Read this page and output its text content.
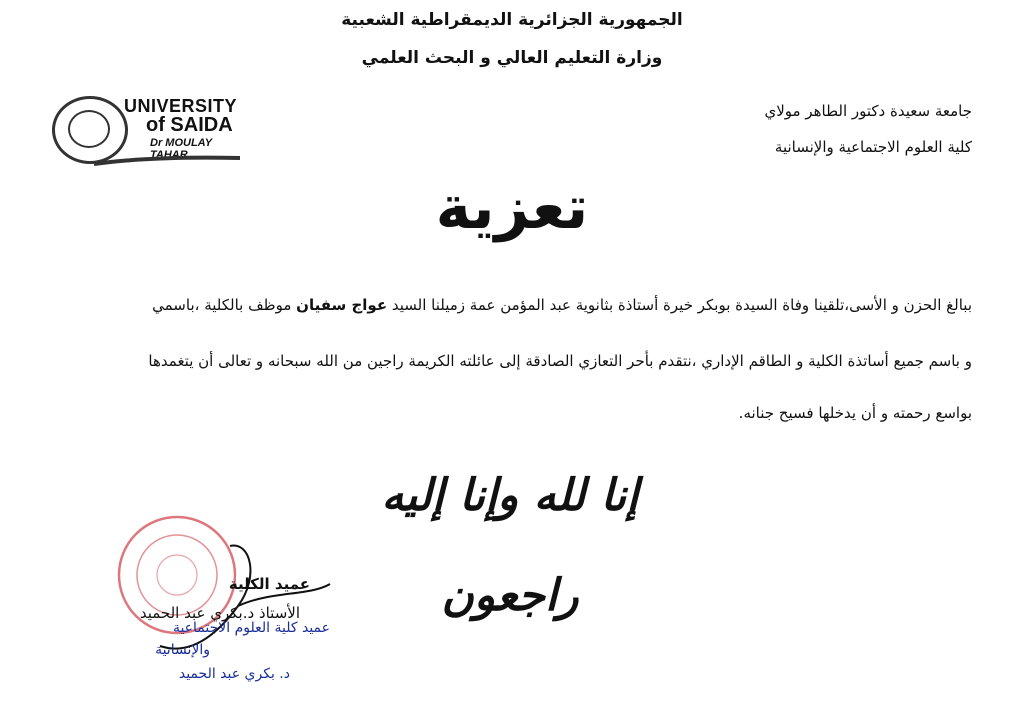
الجمهورية الجزائرية الديمقراطية الشعبية
وزارة التعليم العالي و البحث العلمي
UNIVERSITY
of SAIDA
Dr MOULAY TAHAR
جامعة سعيدة دكتور الطاهر مولاي
كلية العلوم الاجتماعية والإنسانية
تعزية
ببالغ الحزن و الأسى،تلقينا وفاة السيدة بوبكر خيرة أستاذة بثانوية عبد المؤمن عمة زميلنا السيد عواج سفيان موظف بالكلية ،باسمي
و باسم جميع أساتذة الكلية و الطاقم الإداري ،نتقدم بأحر التعازي الصادقة إلى عائلته الكريمة راجين من الله سبحانه و تعالى أن يتغمدها
بواسع رحمته و أن يدخلها فسيح جنانه.
إنا لله وإنا إليه راجعون
عميد الكلية
الأستاذ د.بكري عبد الحميد
عميد كلية العلوم الاجتماعية
والإنسانية
د. بكري عبد الحميد
